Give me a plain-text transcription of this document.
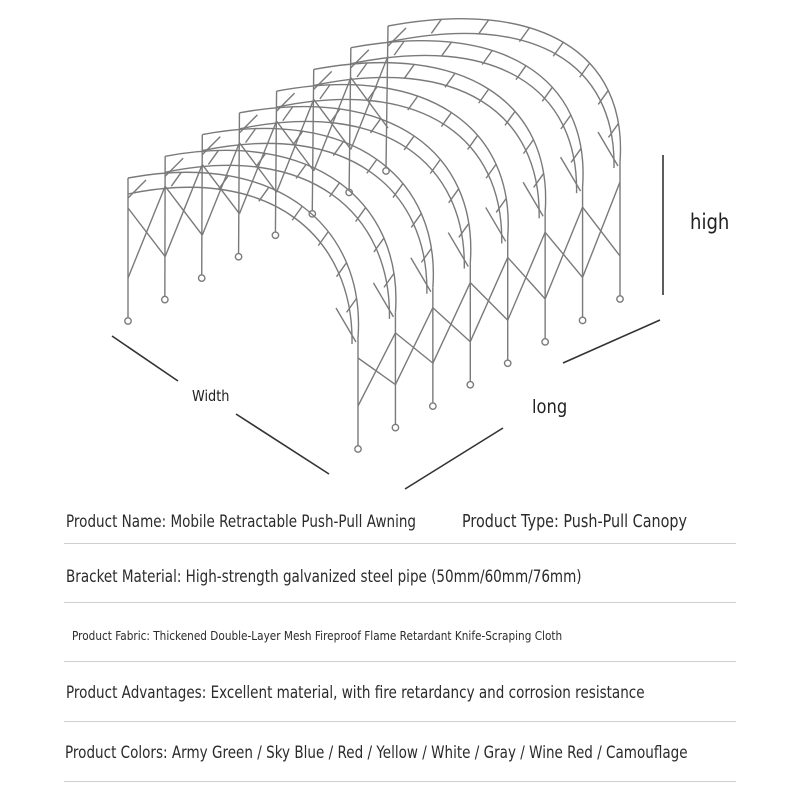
high
Width	long
Product Name: Mobile Retractable Push-Pull Awning	Product Type: Push-Pull Canopy
Bracket Material: High-strength galvanized steel pipe (50mm/60mm/76mm)
Product Fabric: Thickened Double-Layer Mesh Fireproof Flame Retardant Knife-Scraping Cloth
Product Advantages: Excellent material, with fire retardancy and corrosion resistance
Product Colors: Army Green / Sky Blue / Red / Yellow / White / Gray / Wine Red / Camouflage
